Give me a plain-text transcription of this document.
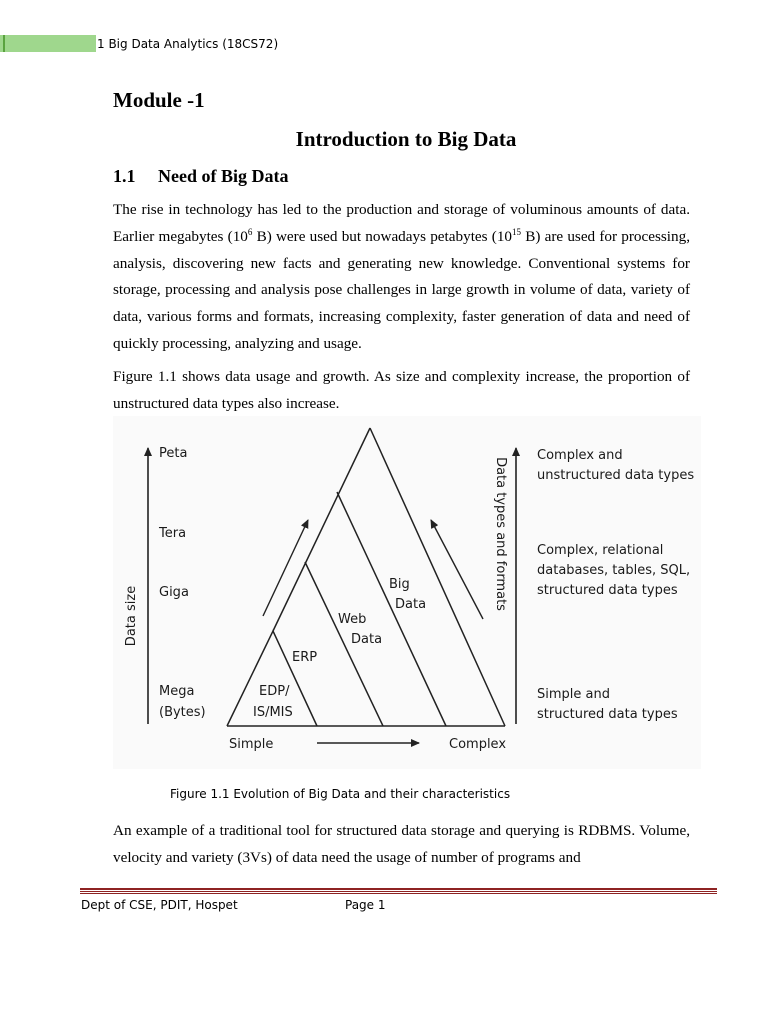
1 Big Data Analytics (18CS72)
Module -1
Introduction to Big Data
1.1 Need of Big Data

The rise in technology has led to the production and storage of voluminous amounts of data. Earlier megabytes ($10^6$ B) were used but nowadays petabytes ($10^{15}$ B) are used for processing, analysis, discovering new facts and generating new knowledge. Conventional systems for storage, processing and analysis pose challenges in large growth in volume of data, variety of data, various forms and formats, increasing complexity, faster generation of data and need of quickly processing, analyzing and usage.

Figure 1.1 shows data usage and growth. As size and complexity increase, the proportion of unstructured data types also increase.

Data size
Peta
Tera
Giga
Mega
(Bytes)
EDP/
IS/MIS
ERP
Web
Data
Big
Data
Simple	Complex
Data types and formats
Complex and
unstructured data types
Complex, relational
databases, tables, SQL,
structured data types
Simple and
structured data types
Figure 1.1 Evolution of Big Data and their characteristics

An example of a traditional tool for structured data storage and querying is RDBMS. Volume, velocity and variety (3Vs) of data need the usage of number of programs and

Dept of CSE, PDIT, Hospet	Page 1
